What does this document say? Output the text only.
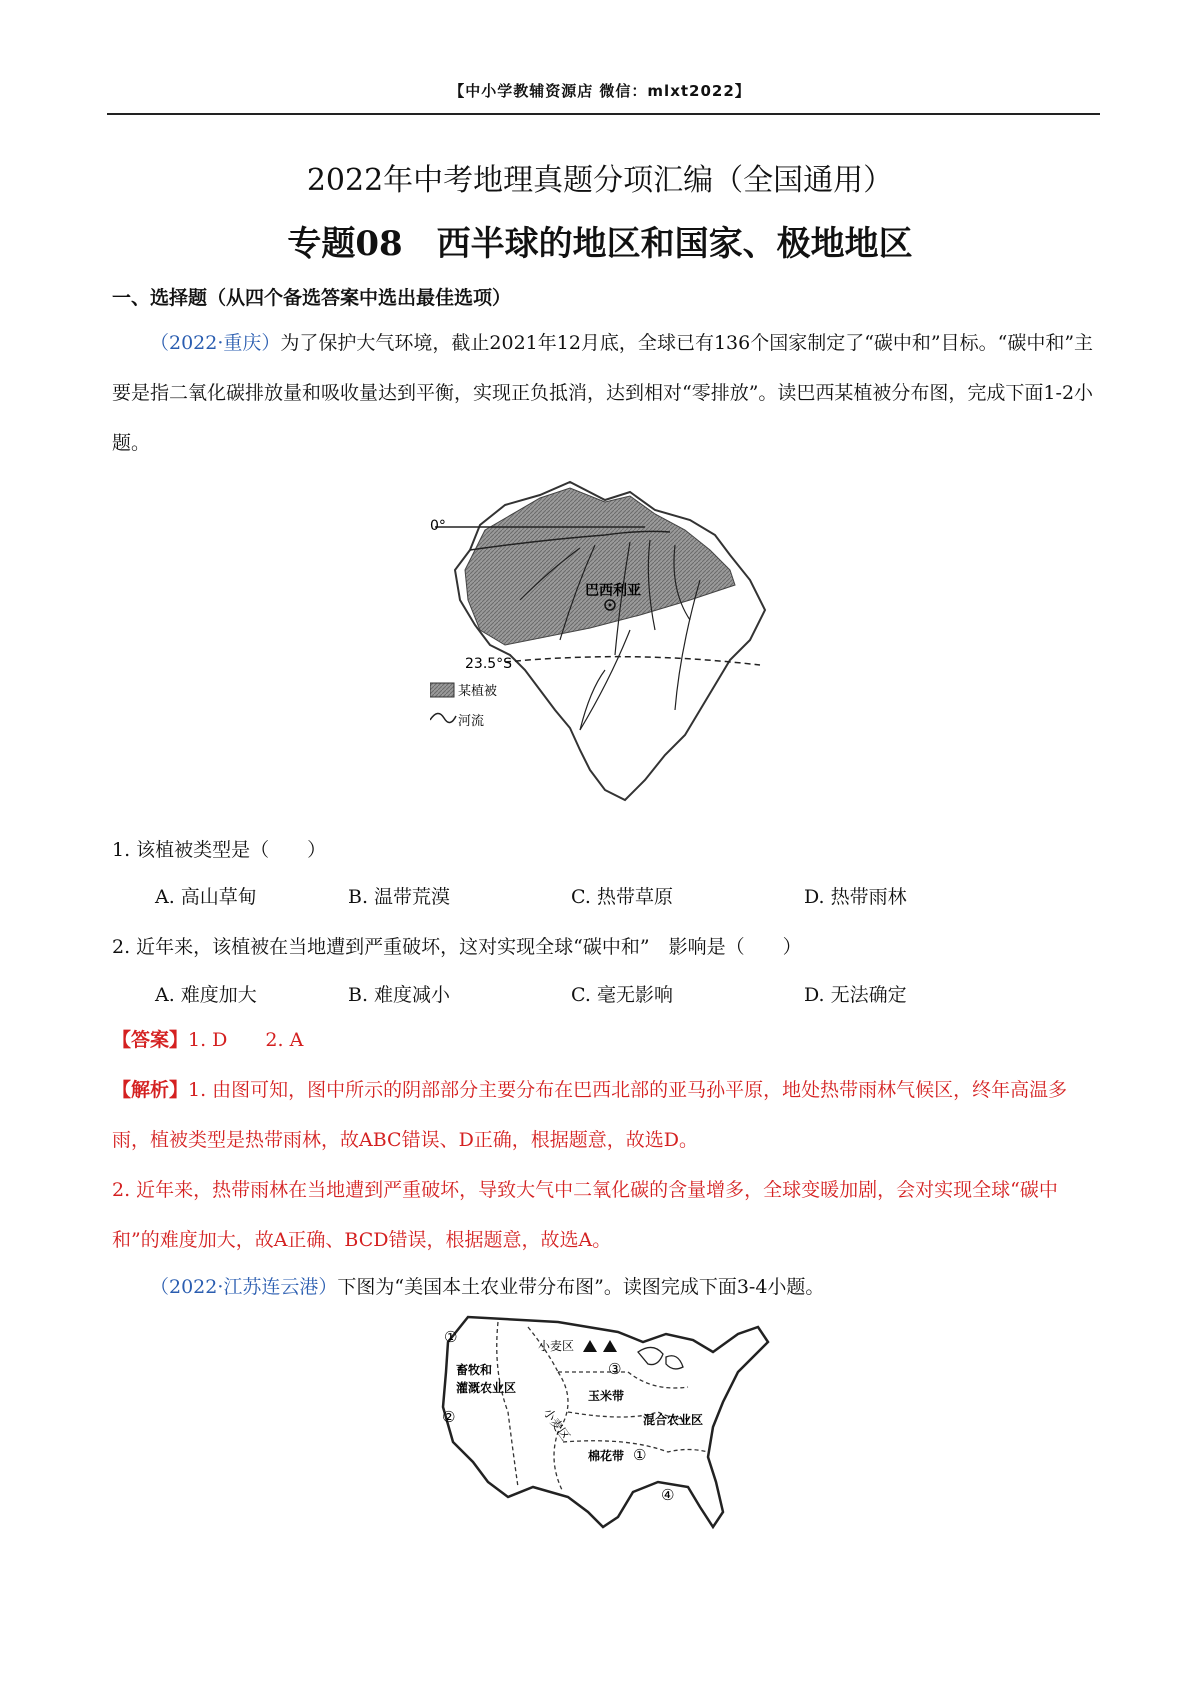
【中小学教辅资源店 微信：mlxt2022】
2022年中考地理真题分项汇编（全国通用）
专题08　西半球的地区和国家、极地地区
一、选择题（从四个备选答案中选出最佳选项）
（2022·重庆）为了保护大气环境，截止2021年12月底，全球已有136个国家制定了“碳中和”目标。“碳中和”主要是指二氧化碳排放量和吸收量达到平衡，实现正负抵消，达到相对“零排放”。读巴西某植被分布图，完成下面1-2小题。
0°
巴西利亚
23.5°S
某植被
河流
1. 该植被类型是（　　）
A. 高山草甸	B. 温带荒漠	C. 热带草原	D. 热带雨林
2. 近年来，该植被在当地遭到严重破坏，这对实现全球“碳中和”　影响是（　　）
A. 难度加大	B. 难度减小	C. 毫无影响	D. 无法确定
【答案】1. D　　2. A
【解析】1. 由图可知，图中所示的阴部部分主要分布在巴西北部的亚马孙平原，地处热带雨林气候区，终年高温多雨，植被类型是热带雨林，故ABC错误、D正确，根据题意，故选D。
2. 近年来，热带雨林在当地遭到严重破坏，导致大气中二氧化碳的含量增多，全球变暖加剧，会对实现全球“碳中和”的难度加大，故A正确、BCD错误，根据题意，故选A。
（2022·江苏连云港）下图为“美国本土农业带分布图”。读图完成下面3-4小题。
①
②
③
④
①
小麦区
小麦区
畜牧和
灌溉农业区
玉米带
混合农业区
棉花带
